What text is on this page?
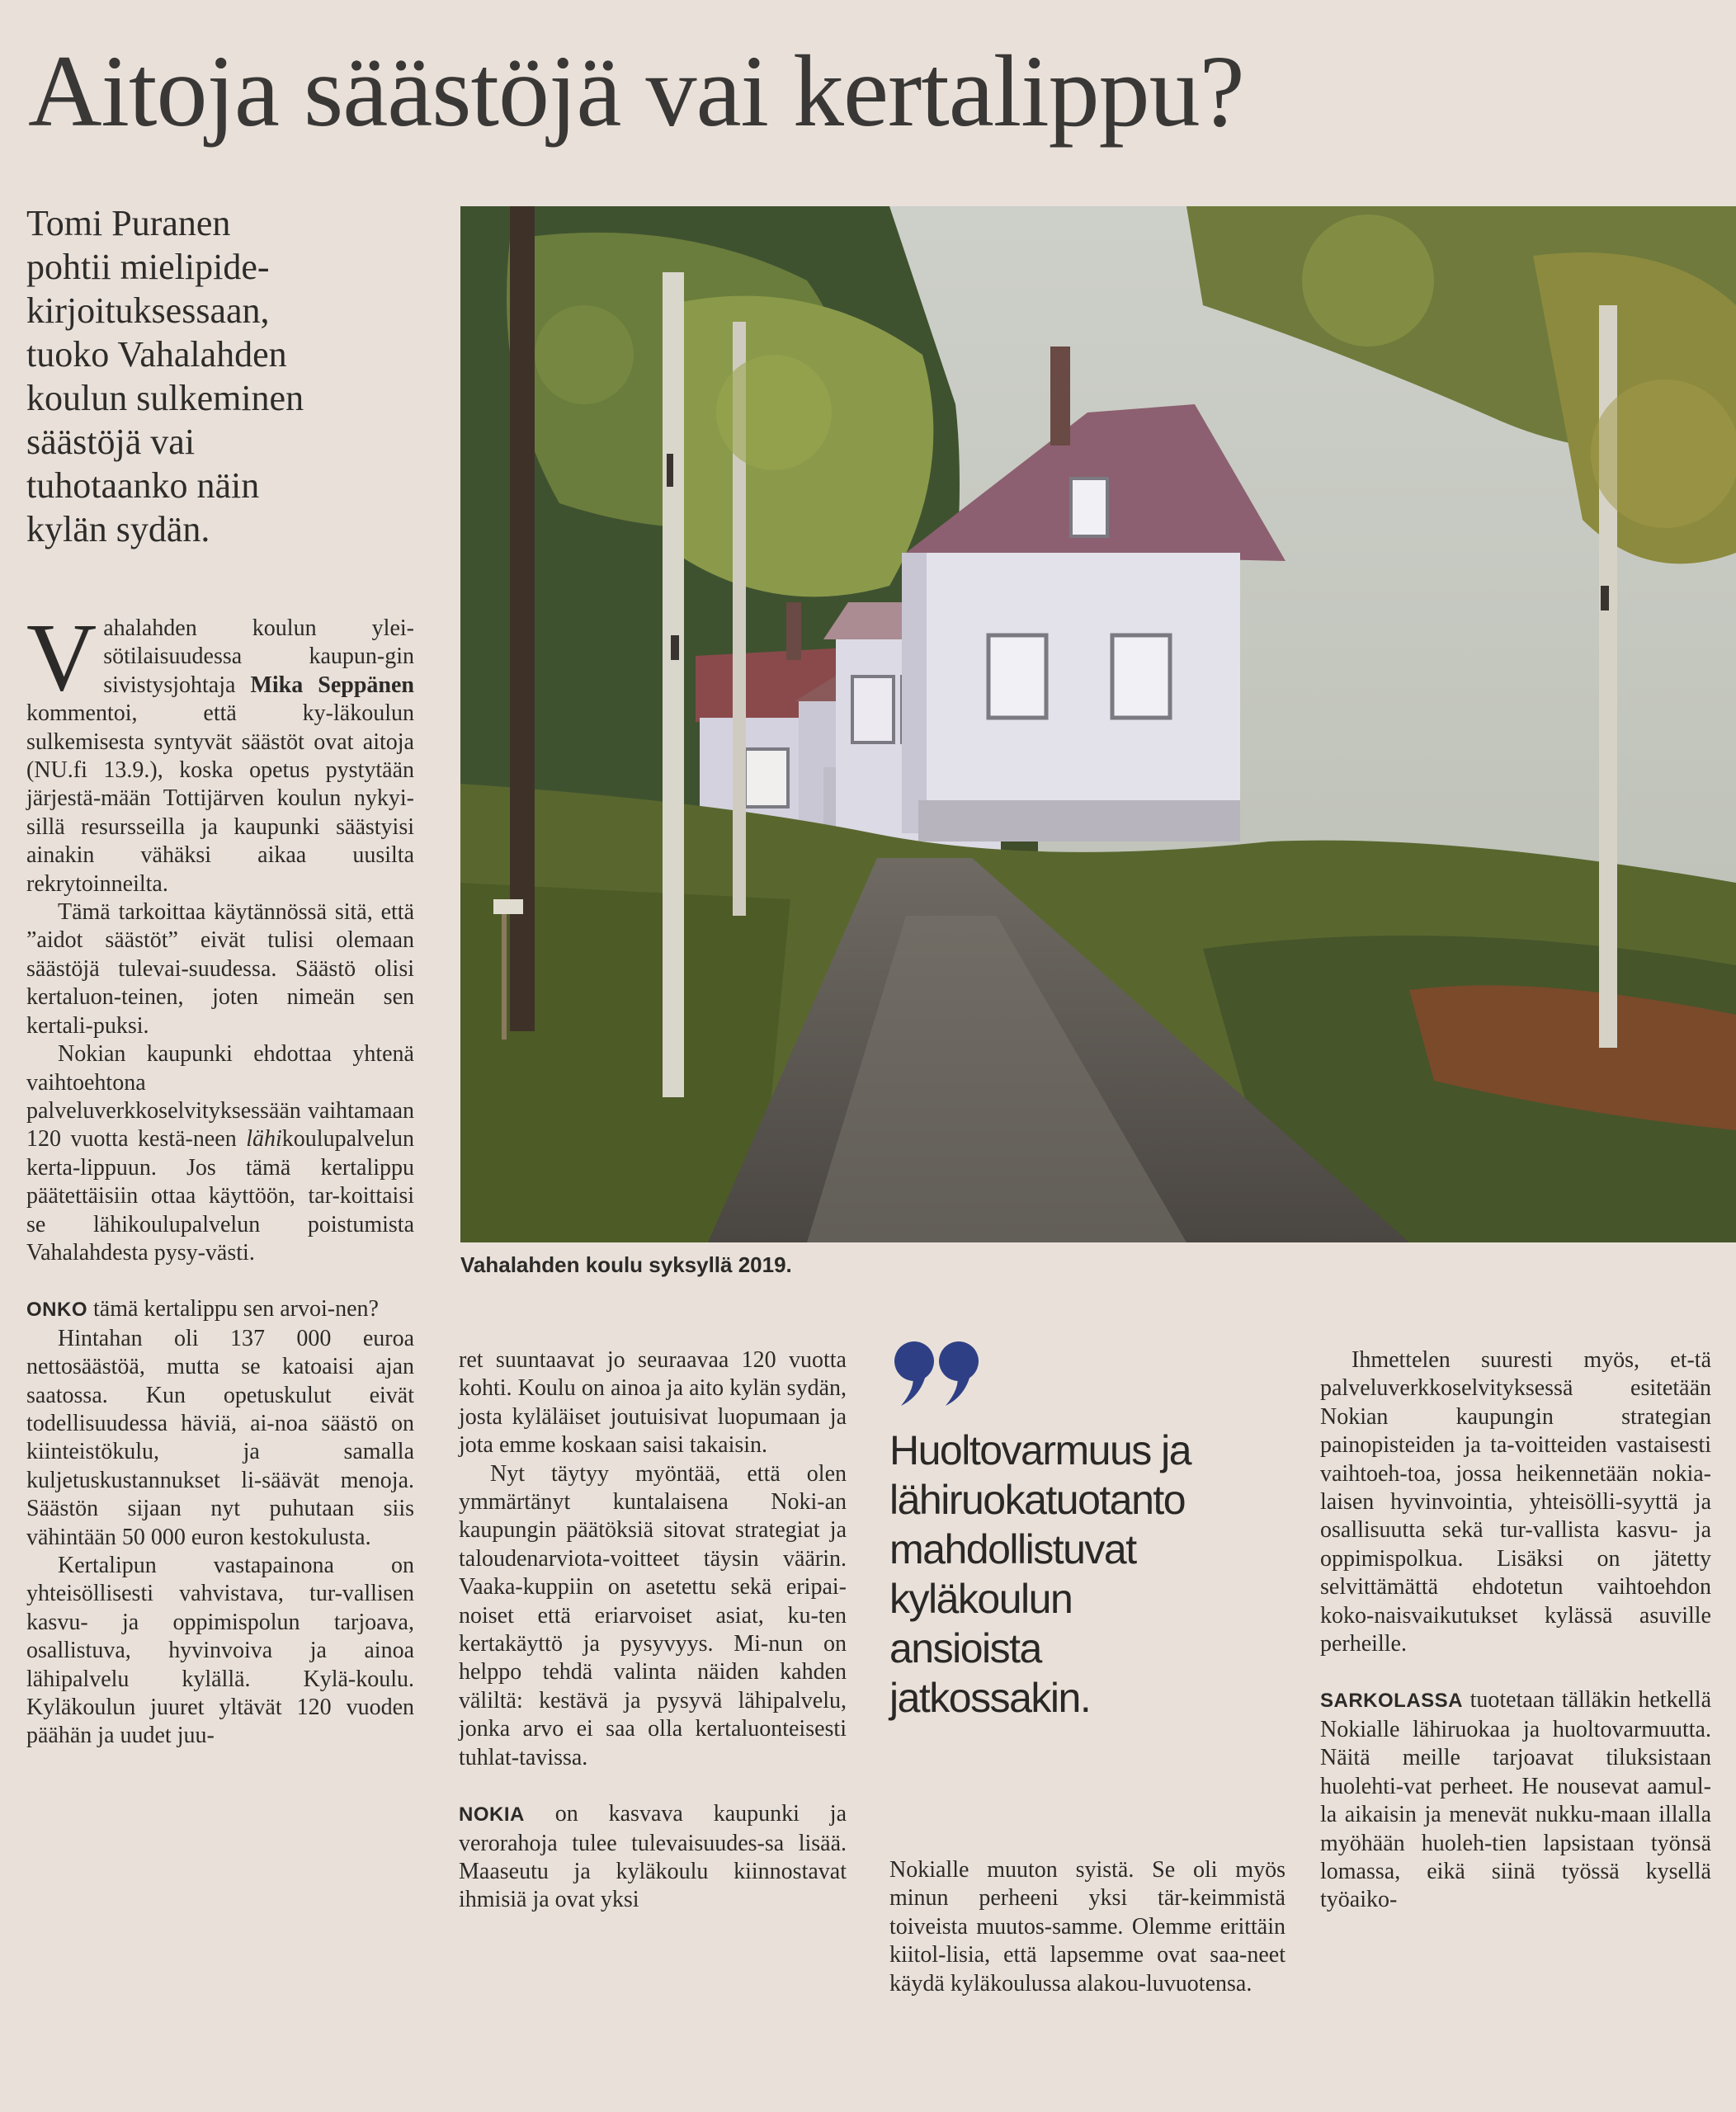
Aitoja säästöjä vai kertalippu?
Tomi Puranen
pohtii mielipide-
kirjoituksessaan,
tuoko Vahalahden
koulun sulkeminen
säästöjä vai
tuhotaanko näin
kylän sydän.
Vahalahden koulu syksyllä 2019.

Vahalahden koulun ylei-sötilaisuudessa kaupun-gin sivistysjohtaja Mika Seppänen kommentoi, että ky-läkoulun sulkemisesta syntyvät säästöt ovat aitoja (NU.fi 13.9.), koska opetus pystytään järjestä-mään Tottijärven koulun nykyi-sillä resursseilla ja kaupunki säästyisi ainakin vähäksi aikaa uusilta rekrytoinneilta.

Tämä tarkoittaa käytännössä sitä, että ”aidot säästöt” eivät tulisi olemaan säästöjä tulevai-suudessa. Säästö olisi kertaluon-teinen, joten nimeän sen kertali-puksi.

Nokian kaupunki ehdottaa yhtenä vaihtoehtona palveluverkkoselvityksessään vaihtamaan 120 vuotta kestä-neen lähikoulupalvelun kerta-lippuun. Jos tämä kertalippu päätettäisiin ottaa käyttöön, tar-koittaisi se lähikoulupalvelun poistumista Vahalahdesta pysy-västi.

ONKO tämä kertalippu sen arvoi-nen?

Hintahan oli 137 000 euroa nettosäästöä, mutta se katoaisi ajan saatossa. Kun opetuskulut eivät todellisuudessa häviä, ai-noa säästö on kiinteistökulu, ja samalla kuljetuskustannukset li-säävät menoja. Säästön sijaan nyt puhutaan siis vähintään 50 000 euron kestokulusta.

Kertalipun vastapainona on yhteisöllisesti vahvistava, tur-vallisen kasvu- ja oppimispolun tarjoava, osallistuva, hyvinvoiva ja ainoa lähipalvelu kylällä. Kylä-koulu. Kyläkoulun juuret yltävät 120 vuoden päähän ja uudet juu-

ret suuntaavat jo seuraavaa 120 vuotta kohti. Koulu on ainoa ja aito kylän sydän, josta kyläläiset joutuisivat luopumaan ja jota emme koskaan saisi takaisin.

Nyt täytyy myöntää, että olen ymmärtänyt kuntalaisena Noki-an kaupungin päätöksiä sitovat strategiat ja taloudenarviota-voitteet täysin väärin. Vaaka-kuppiin on asetettu sekä eripai-noiset että eriarvoiset asiat, ku-ten kertakäyttö ja pysyvyys. Mi-nun on helppo tehdä valinta näiden kahden väliltä: kestävä ja pysyvä lähipalvelu, jonka arvo ei saa olla kertaluonteisesti tuhlat-tavissa.

NOKIA on kasvava kaupunki ja verorahoja tulee tulevaisuudes-sa lisää. Maaseutu ja kyläkoulu kiinnostavat ihmisiä ja ovat yksi

Huoltovarmuus ja
lähiruokatuotanto
mahdollistuvat
kyläkoulun
ansioista
jatkossakin.

Nokialle muuton syistä. Se oli myös minun perheeni yksi tär-keimmistä toiveista muutos-samme. Olemme erittäin kiitol-lisia, että lapsemme ovat saa-neet käydä kyläkoulussa alakou-luvuotensa.

Ihmettelen suuresti myös, et-tä palveluverkkoselvityksessä esitetään Nokian kaupungin strategian painopisteiden ja ta-voitteiden vastaisesti vaihtoeh-toa, jossa heikennetään nokia-laisen hyvinvointia, yhteisölli-syyttä ja osallisuutta sekä tur-vallista kasvu- ja oppimispolkua. Lisäksi on jätetty selvittämättä ehdotetun vaihtoehdon koko-naisvaikutukset kylässä asuville perheille.

SARKOLASSA tuotetaan tälläkin hetkellä Nokialle lähiruokaa ja huoltovarmuutta. Näitä meille tarjoavat tiluksistaan huolehti-vat perheet. He nousevat aamul-la aikaisin ja menevät nukku-maan illalla myöhään huoleh-tien lapsistaan työnsä lomassa, eikä siinä työssä kysellä työaiko-
